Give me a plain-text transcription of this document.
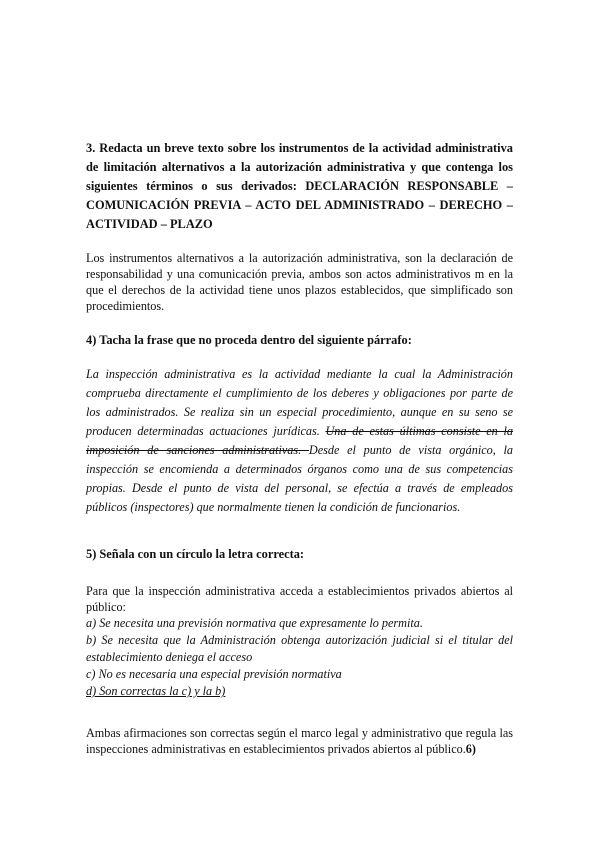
3. Redacta un breve texto sobre los instrumentos de la actividad administrativa de limitación alternativos a la autorización administrativa y que contenga los siguientes términos o sus derivados: DECLARACIÓN RESPONSABLE – COMUNICACIÓN PREVIA – ACTO DEL ADMINISTRADO – DERECHO – ACTIVIDAD – PLAZO

Los instrumentos alternativos a la autorización administrativa, son la declaración de responsabilidad y una comunicación previa, ambos son actos administrativos m en la que el derechos de la actividad tiene unos plazos establecidos, que simplificado son procedimientos.

4) Tacha la frase que no proceda dentro del siguiente párrafo:

La inspección administrativa es la actividad mediante la cual la Administración comprueba directamente el cumplimiento de los deberes y obligaciones por parte de los administrados. Se realiza sin un especial procedimiento, aunque en su seno se producen determinadas actuaciones jurídicas. Una de estas últimas consiste en la imposición de sanciones administrativas. Desde el punto de vista orgánico, la inspección se encomienda a determinados órganos como una de sus competencias propias. Desde el punto de vista del personal, se efectúa a través de empleados públicos (inspectores) que normalmente tienen la condición de funcionarios.

5) Señala con un círculo la letra correcta:

Para que la inspección administrativa acceda a establecimientos privados abiertos al público:

a) Se necesita una previsión normativa que expresamente lo permita.

b) Se necesita que la Administración obtenga autorización judicial si el titular del establecimiento deniega el acceso

c) No es necesaria una especial previsión normativa

d) Son correctas la c) y la b)

Ambas afirmaciones son correctas según el marco legal y administrativo que regula las inspecciones administrativas en establecimientos privados abiertos al público.6)
